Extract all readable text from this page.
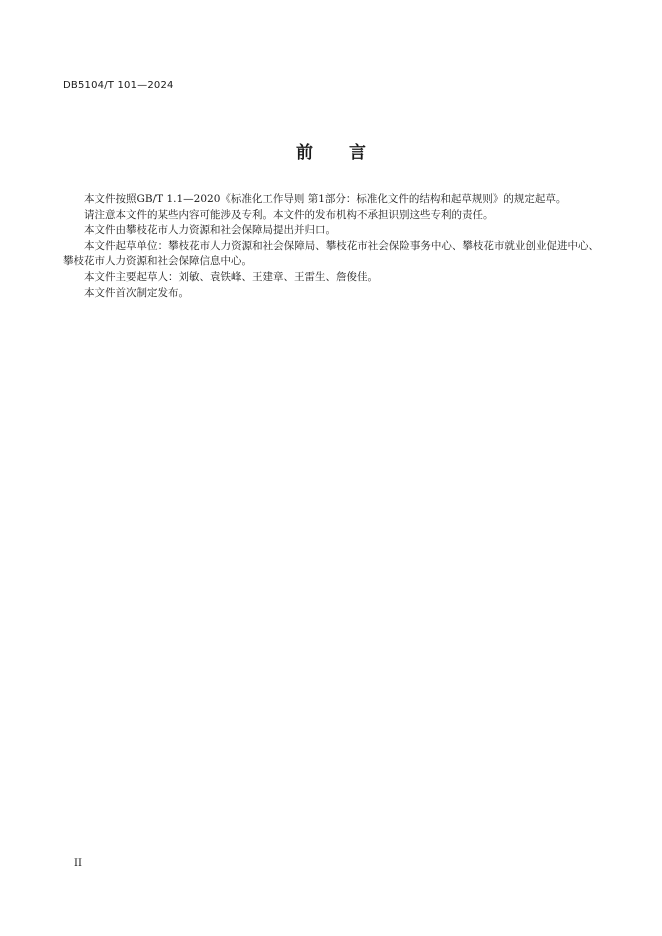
DB5104/T 101—2024
前言

本文件按照GB/T 1.1—2020《标准化工作导则 第1部分：标准化文件的结构和起草规则》的规定起草。

请注意本文件的某些内容可能涉及专利。本文件的发布机构不承担识别这些专利的责任。

本文件由攀枝花市人力资源和社会保障局提出并归口。

本文件起草单位：攀枝花市人力资源和社会保障局、攀枝花市社会保险事务中心、攀枝花市就业创业促进中心、攀枝花市人力资源和社会保障信息中心。

本文件主要起草人：刘敏、袁铁峰、王建章、王雷生、詹俊佳。

本文件首次制定发布。

II
